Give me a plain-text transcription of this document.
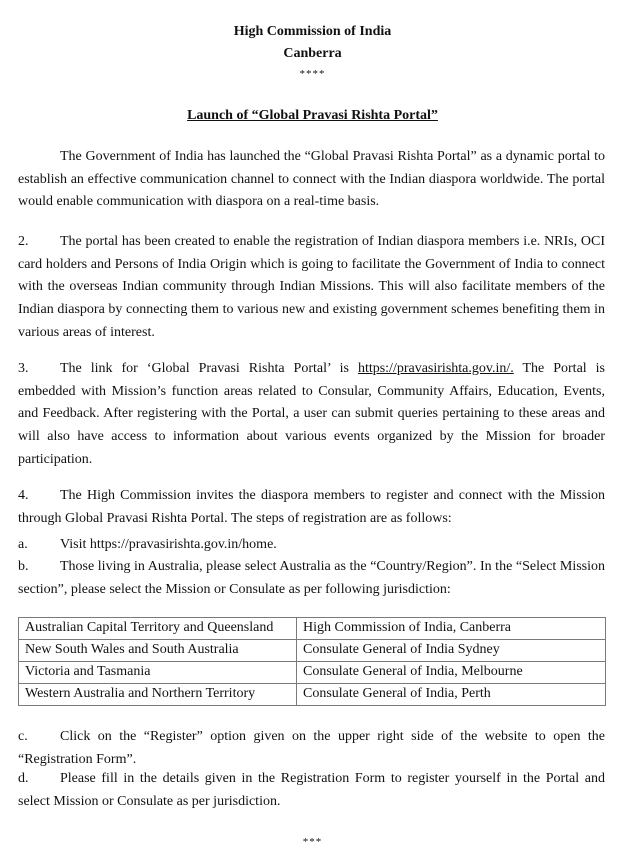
High Commission of India
Canberra
****
Launch of “Global Pravasi Rishta Portal”
The Government of India has launched the “Global Pravasi Rishta Portal” as a dynamic portal to establish an effective communication channel to connect with the Indian diaspora worldwide. The portal would enable communication with diaspora on a real-time basis.
2. The portal has been created to enable the registration of Indian diaspora members i.e. NRIs, OCI card holders and Persons of India Origin which is going to facilitate the Government of India to connect with the overseas Indian community through Indian Missions. This will also facilitate members of the Indian diaspora by connecting them to various new and existing government schemes benefiting them in various areas of interest.
3. The link for ‘Global Pravasi Rishta Portal’ is https://pravasirishta.gov.in/. The Portal is embedded with Mission’s function areas related to Consular, Community Affairs, Education, Events, and Feedback. After registering with the Portal, a user can submit queries pertaining to these areas and will also have access to information about various events organized by the Mission for broader participation.
4. The High Commission invites the diaspora members to register and connect with the Mission through Global Pravasi Rishta Portal. The steps of registration are as follows:
a. Visit https://pravasirishta.gov.in/home.
b. Those living in Australia, please select Australia as the “Country/Region”. In the “Select Mission section”, please select the Mission or Consulate as per following jurisdiction:
Australian Capital Territory and Queensland	High Commission of India, Canberra
New South Wales and South Australia	Consulate General of India Sydney
Victoria and Tasmania	Consulate General of India, Melbourne
Western Australia and Northern Territory	Consulate General of India, Perth
c. Click on the “Register” option given on the upper right side of the website to open the “Registration Form”.
d. Please fill in the details given in the Registration Form to register yourself in the Portal and select Mission or Consulate as per jurisdiction.
***
